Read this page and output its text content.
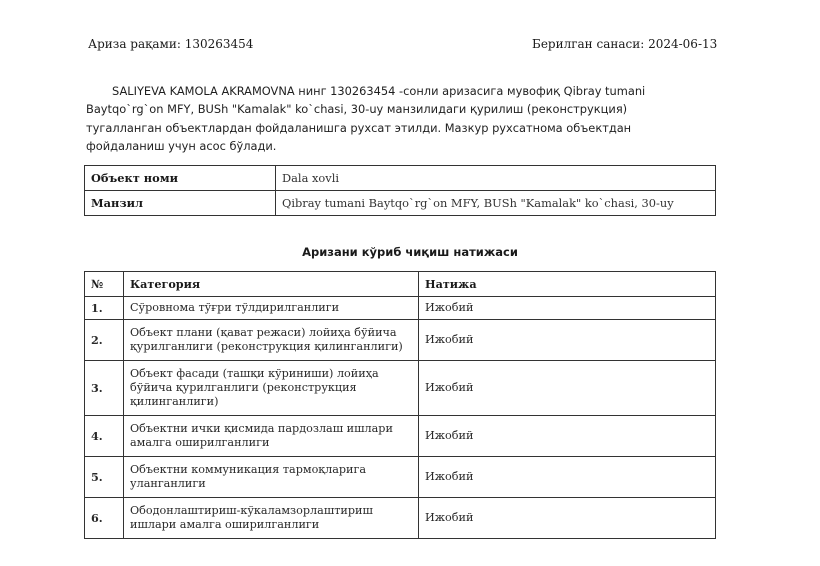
Ариза рақами: 130263454	Берилган санаси: 2024-06-13
SALIYEVA KAMOLA AKRAMOVNA нинг 130263454 -сонли аризасига мувофиқ Qibray tumani Baytqo`rg`on MFY, BUSh "Kamalak" ko`chasi, 30-uy манзилидаги қурилиш (реконструкция) тугалланган объектлардан фойдаланишга рухсат этилди. Мазкур рухсатнома объектдан фойдаланиш учун асос бўлади.
Объект номи	Dala xovli
Манзил	Qibray tumani Baytqo`rg`on MFY, BUSh "Kamalak" ko`chasi, 30-uy
Аризани кўриб чиқиш натижаси
№	Категория	Натижа
1.	Сўровнома тўғри тўлдирилганлиги	Ижобий
2.	Объект плани (қават режаси) лойиҳа бўйича қурилганлиги (реконструкция қилинганлиги)	Ижобий
3.	Объект фасади (ташқи кўриниши) лойиҳа бўйича қурилганлиги (реконструкция қилинганлиги)	Ижобий
4.	Объектни ички қисмида пардозлаш ишлари амалга оширилганлиги	Ижобий
5.	Объектни коммуникация тармоқларига уланганлиги	Ижобий
6.	Ободонлаштириш-кўкаламзорлаштириш ишлари амалга оширилганлиги	Ижобий
